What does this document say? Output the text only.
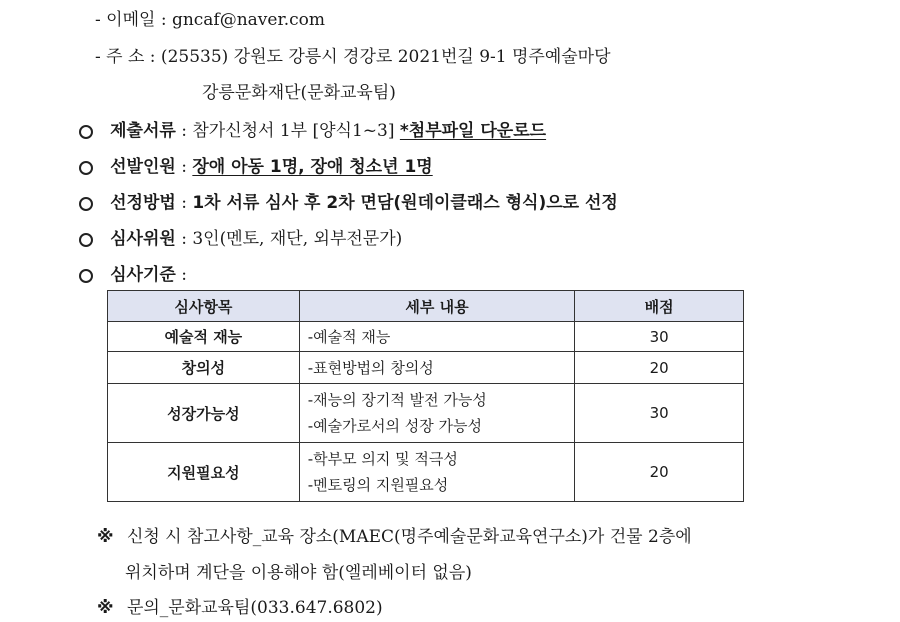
- 이메일 : gncaf@naver.com
- 주 소 : (25535) 강원도 강릉시 경강로 2021번길 9-1 명주예술마당
강릉문화재단(문화교육팀)
제출서류 : 참가신청서 1부 [양식1~3] *첨부파일 다운로드
선발인원 : 장애 아동 1명, 장애 청소년 1명
선정방법 : 1차 서류 심사 후 2차 면담(원데이클래스 형식)으로 선정
심사위원 : 3인(멘토, 재단, 외부전문가)
심사기준 :
심사항목	세부 내용	배점
예술적 재능	-예술적 재능	30
창의성	-표현방법의 창의성	20
성장가능성	-재능의 장기적 발전 가능성
-예술가로서의 성장 가능성	30
지원필요성	-학부모 의지 및 적극성
-멘토링의 지원필요성	20
※ 신청 시 참고사항_교육 장소(MAEC(명주예술문화교육연구소)가 건물 2층에
위치하며 계단을 이용해야 함(엘레베이터 없음)
※ 문의_문화교육팀(033.647.6802)
